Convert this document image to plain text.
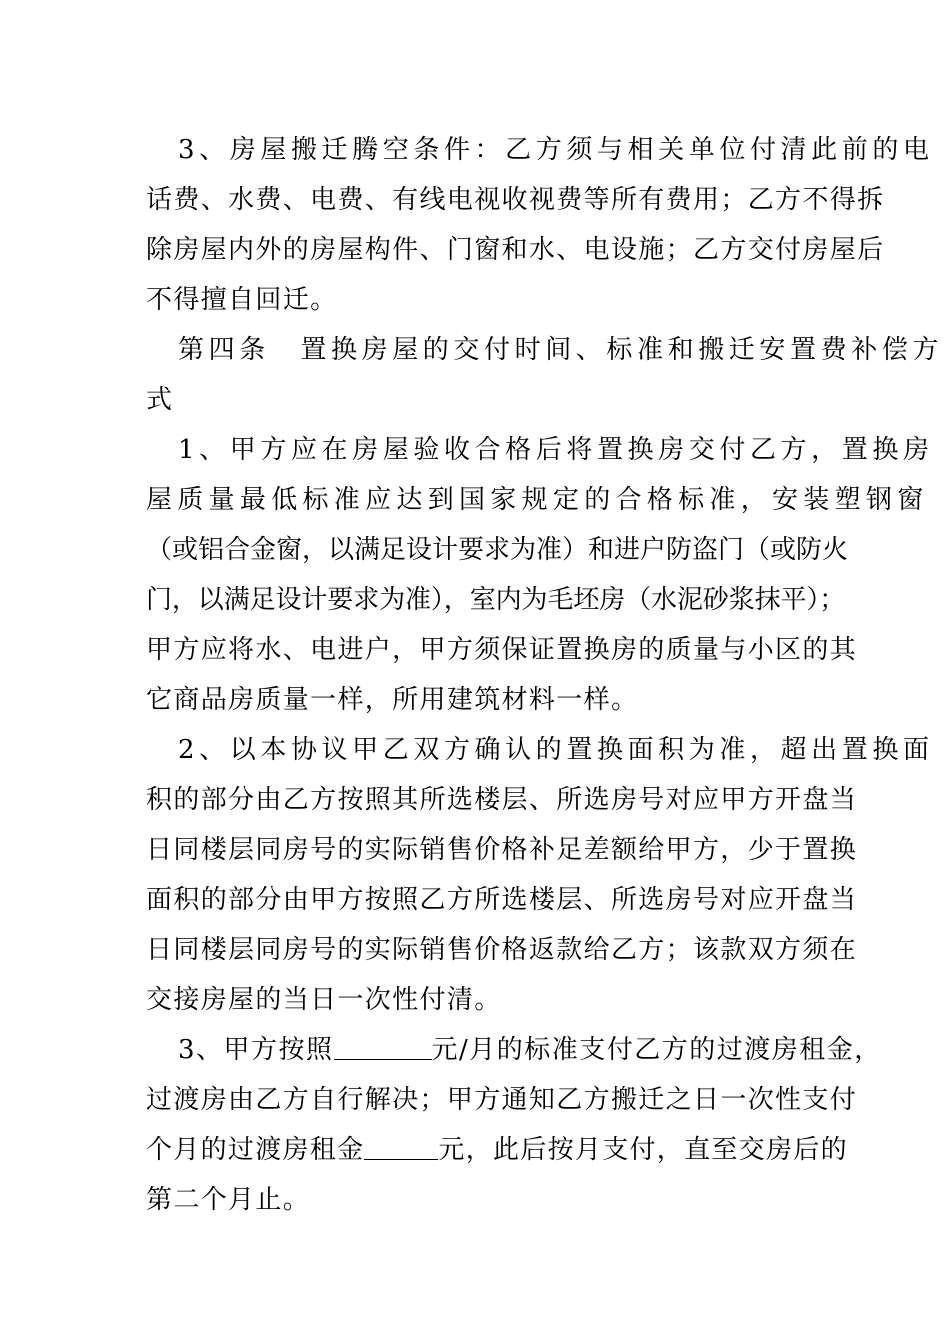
3、房屋搬迁腾空条件：乙方须与相关单位付清此前的电
话费、水费、电费、有线电视收视费等所有费用；乙方不得拆
除房屋内外的房屋构件、门窗和水、电设施；乙方交付房屋后
不得擅自回迁。
第四条　置换房屋的交付时间、标准和搬迁安置费补偿方
式
1、甲方应在房屋验收合格后将置换房交付乙方，置换房
屋质量最低标准应达到国家规定的合格标准，安装塑钢窗
（或铝合金窗，以满足设计要求为准）和进户防盗门（或防火
门，以满足设计要求为准），室内为毛坯房（水泥砂浆抹平）；
甲方应将水、电进户，甲方须保证置换房的质量与小区的其
它商品房质量一样，所用建筑材料一样。
2、以本协议甲乙双方确认的置换面积为准，超出置换面
积的部分由乙方按照其所选楼层、所选房号对应甲方开盘当
日同楼层同房号的实际销售价格补足差额给甲方，少于置换
面积的部分由甲方按照乙方所选楼层、所选房号对应开盘当
日同楼层同房号的实际销售价格返款给乙方；该款双方须在
交接房屋的当日一次性付清。
3、甲方按照	元/月的标准支付乙方的过渡房租金，
过渡房由乙方自行解决；甲方通知乙方搬迁之日一次性支付
个月的过渡房租金	元，此后按月支付，直至交房后的
第二个月止。
